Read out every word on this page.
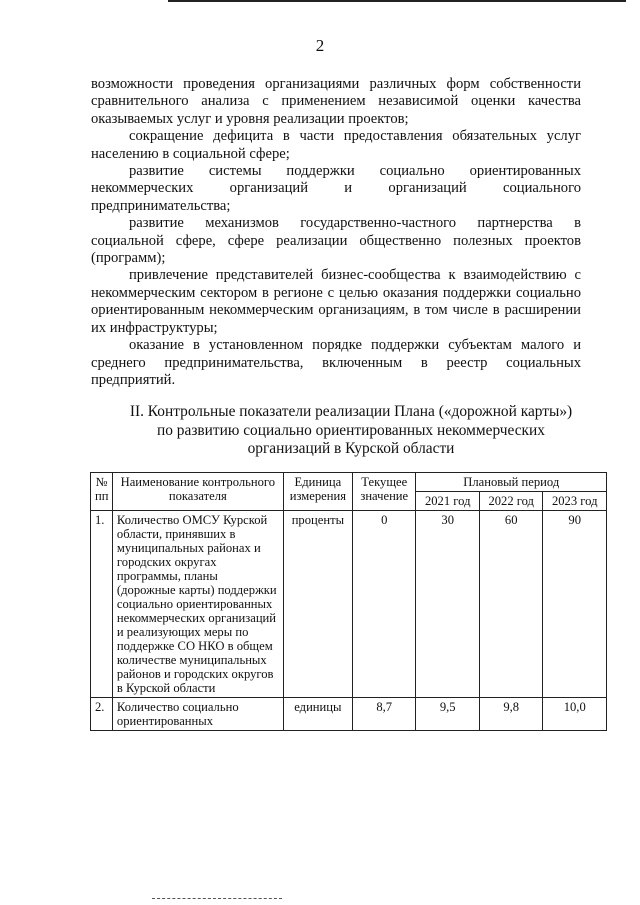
2

возможности проведения организациями различных форм собственности сравнительного анализа с применением независимой оценки качества оказываемых услуг и уровня реализации проектов;

сокращение дефицита в части предоставления обязательных услуг населению в социальной сфере;

развитие системы поддержки социально ориентированных некоммерческих организаций и организаций социального предпринимательства;

развитие механизмов государственно-частного партнерства в социальной сфере, сфере реализации общественно полезных проектов (программ);

привлечение представителей бизнес-сообщества к взаимодействию с некоммерческим сектором в регионе с целью оказания поддержки социально ориентированным некоммерческим организациям, в том числе в расширении их инфраструктуры;

оказание в установленном порядке поддержки субъектам малого и среднего предпринимательства, включенным в реестр социальных предприятий.

II. Контрольные показатели реализации Плана («дорожной карты»)
по развитию социально ориентированных некоммерческих
организаций в Курской области
№ пп	Наименование контрольного показателя	Единица измерения	Текущее значение	Плановый период		
				2021 год	2022 год	2023 год
1.	Количество ОМСУ Курской области, принявших в муниципальных районах и городских округах программы, планы (дорожные карты) поддержки социально ориентированных некоммерческих организаций и реализующих меры по поддержке СО НКО в общем количестве муниципальных районов и городских округов в Курской области	проценты	0	30	60	90
2.	Количество социально ориентированных	единицы	8,7	9,5	9,8	10,0
